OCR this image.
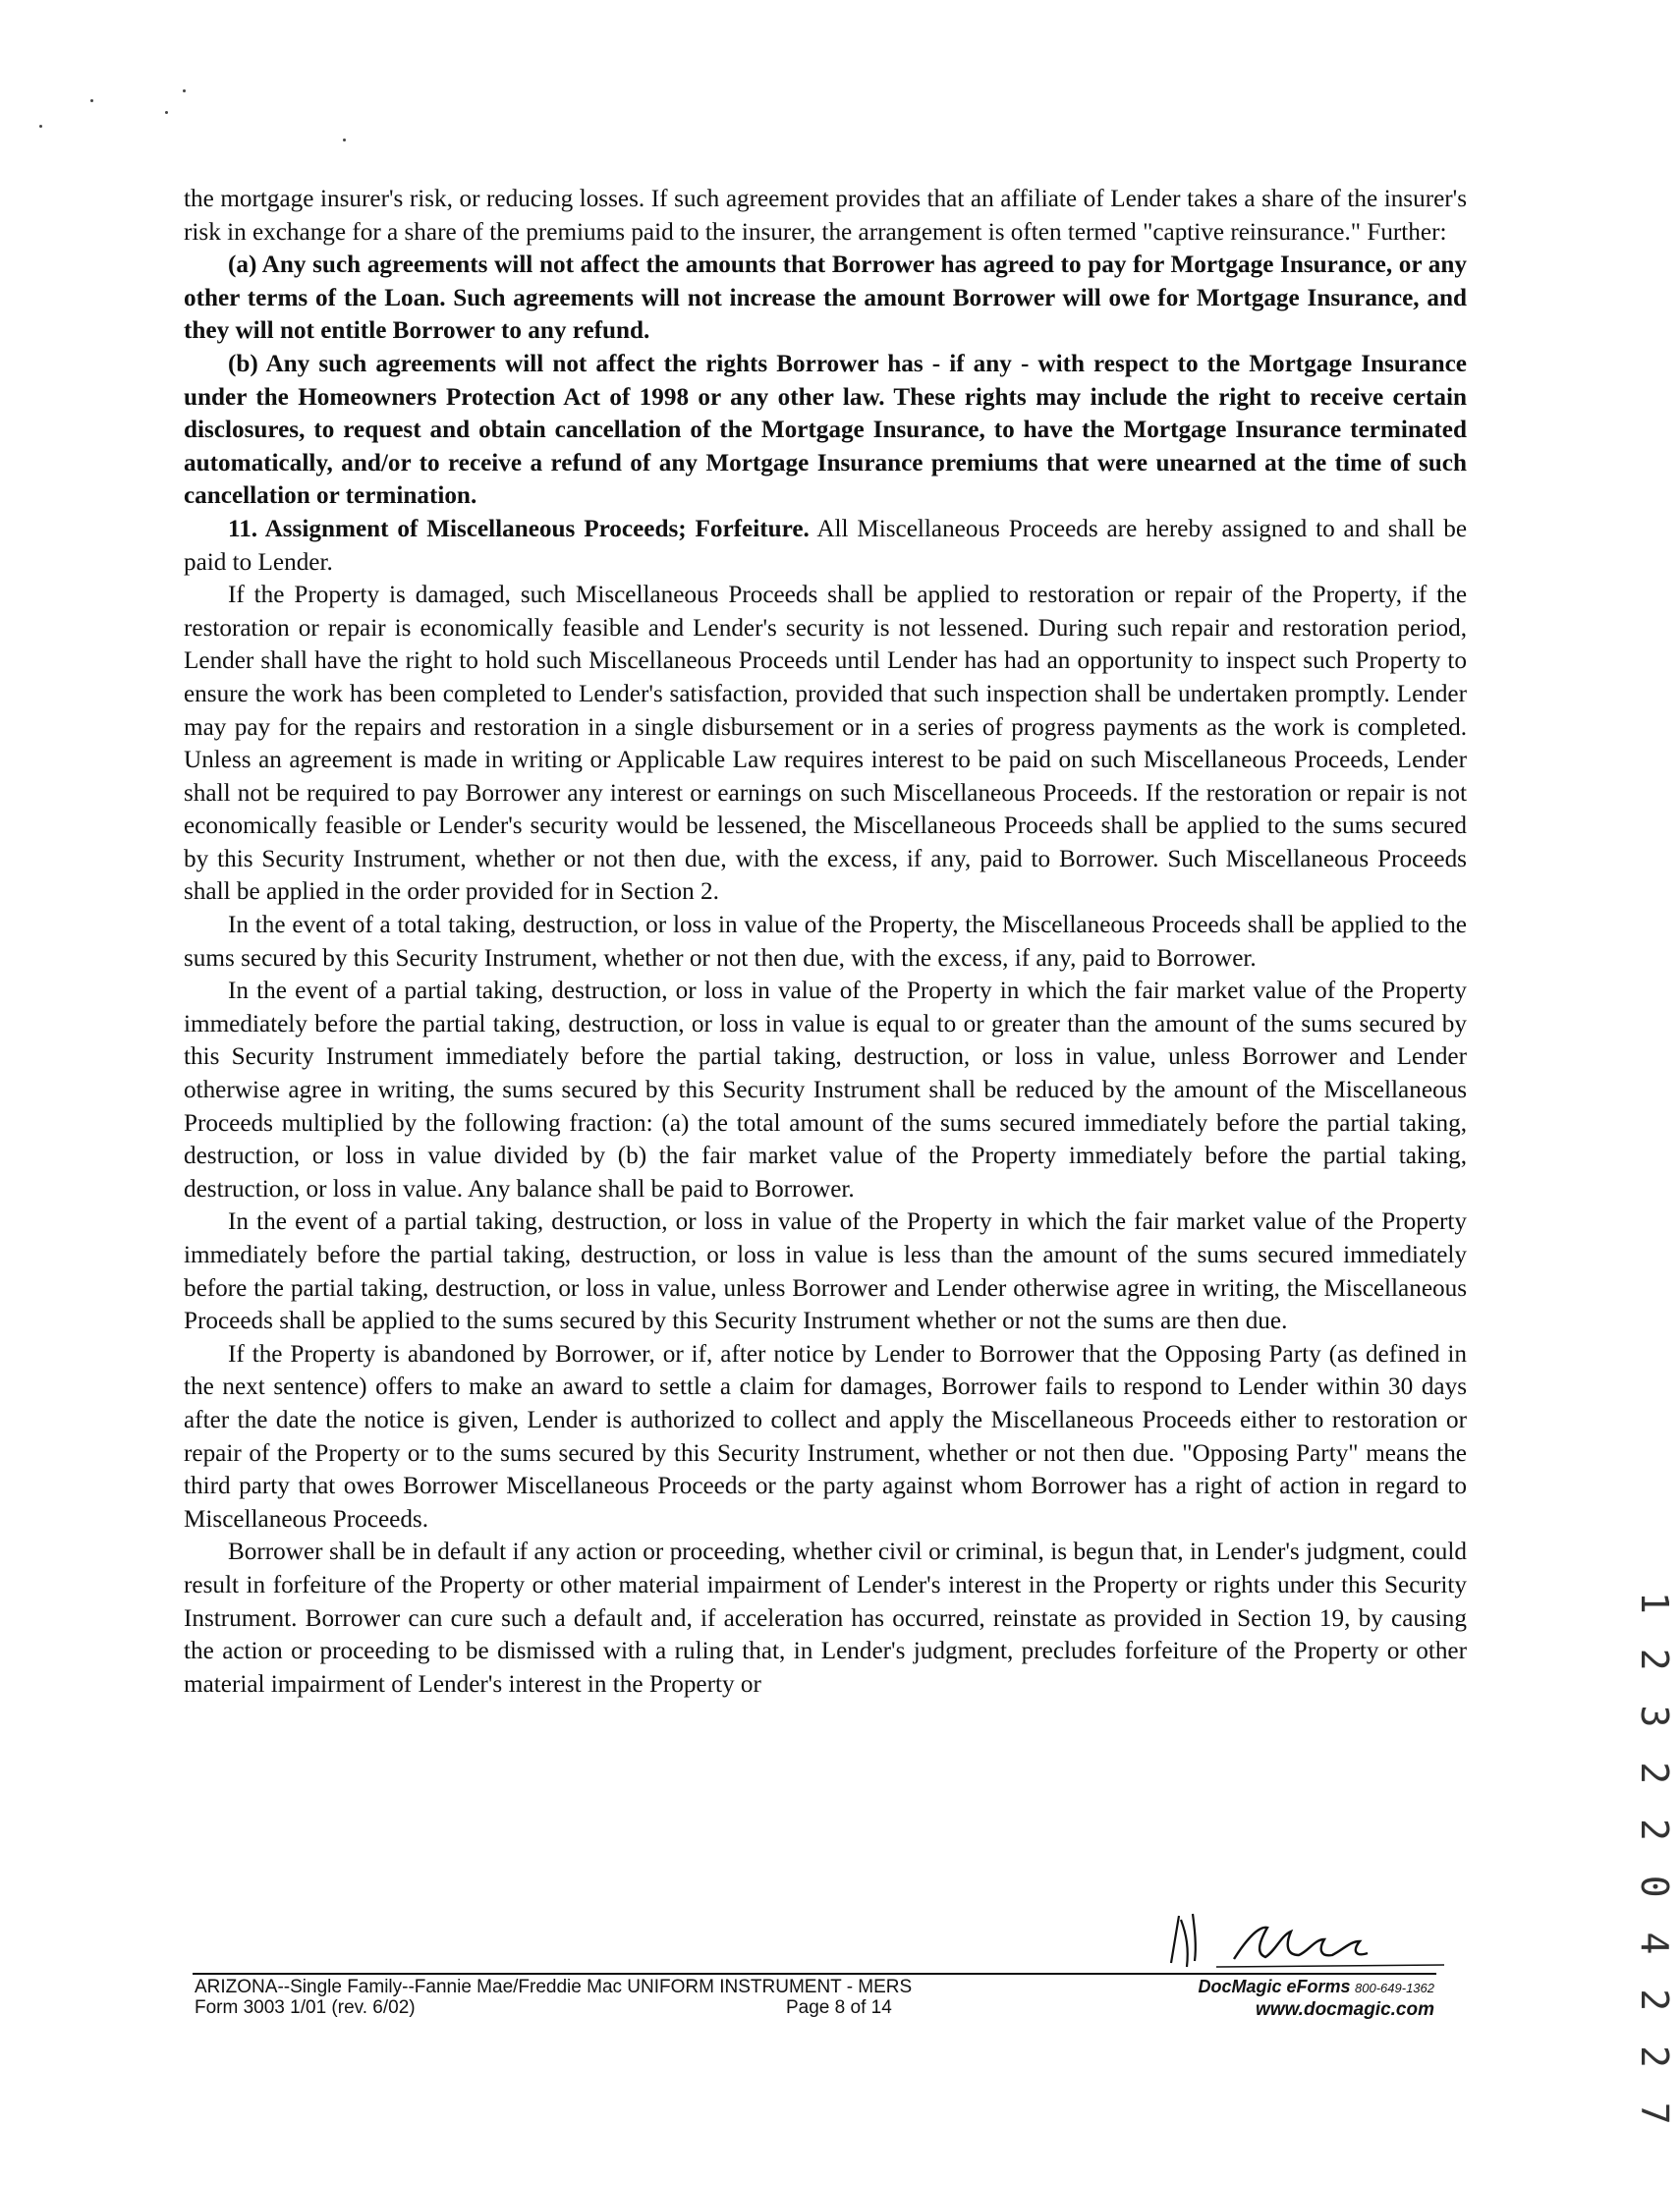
the mortgage insurer's risk, or reducing losses. If such agreement provides that an affiliate of Lender takes a share of the insurer's risk in exchange for a share of the premiums paid to the insurer, the arrangement is often termed "captive reinsurance." Further:

(a) Any such agreements will not affect the amounts that Borrower has agreed to pay for Mortgage Insurance, or any other terms of the Loan. Such agreements will not increase the amount Borrower will owe for Mortgage Insurance, and they will not entitle Borrower to any refund.

(b) Any such agreements will not affect the rights Borrower has - if any - with respect to the Mortgage Insurance under the Homeowners Protection Act of 1998 or any other law. These rights may include the right to receive certain disclosures, to request and obtain cancellation of the Mortgage Insurance, to have the Mortgage Insurance terminated automatically, and/or to receive a refund of any Mortgage Insurance premiums that were unearned at the time of such cancellation or termination.

11. Assignment of Miscellaneous Proceeds; Forfeiture. All Miscellaneous Proceeds are hereby assigned to and shall be paid to Lender.

If the Property is damaged, such Miscellaneous Proceeds shall be applied to restoration or repair of the Property, if the restoration or repair is economically feasible and Lender's security is not lessened. During such repair and restoration period, Lender shall have the right to hold such Miscellaneous Proceeds until Lender has had an opportunity to inspect such Property to ensure the work has been completed to Lender's satisfaction, provided that such inspection shall be undertaken promptly. Lender may pay for the repairs and restoration in a single disbursement or in a series of progress payments as the work is completed. Unless an agreement is made in writing or Applicable Law requires interest to be paid on such Miscellaneous Proceeds, Lender shall not be required to pay Borrower any interest or earnings on such Miscellaneous Proceeds. If the restoration or repair is not economically feasible or Lender's security would be lessened, the Miscellaneous Proceeds shall be applied to the sums secured by this Security Instrument, whether or not then due, with the excess, if any, paid to Borrower. Such Miscellaneous Proceeds shall be applied in the order provided for in Section 2.

In the event of a total taking, destruction, or loss in value of the Property, the Miscellaneous Proceeds shall be applied to the sums secured by this Security Instrument, whether or not then due, with the excess, if any, paid to Borrower.

In the event of a partial taking, destruction, or loss in value of the Property in which the fair market value of the Property immediately before the partial taking, destruction, or loss in value is equal to or greater than the amount of the sums secured by this Security Instrument immediately before the partial taking, destruction, or loss in value, unless Borrower and Lender otherwise agree in writing, the sums secured by this Security Instrument shall be reduced by the amount of the Miscellaneous Proceeds multiplied by the following fraction: (a) the total amount of the sums secured immediately before the partial taking, destruction, or loss in value divided by (b) the fair market value of the Property immediately before the partial taking, destruction, or loss in value. Any balance shall be paid to Borrower.

In the event of a partial taking, destruction, or loss in value of the Property in which the fair market value of the Property immediately before the partial taking, destruction, or loss in value is less than the amount of the sums secured immediately before the partial taking, destruction, or loss in value, unless Borrower and Lender otherwise agree in writing, the Miscellaneous Proceeds shall be applied to the sums secured by this Security Instrument whether or not the sums are then due.

If the Property is abandoned by Borrower, or if, after notice by Lender to Borrower that the Opposing Party (as defined in the next sentence) offers to make an award to settle a claim for damages, Borrower fails to respond to Lender within 30 days after the date the notice is given, Lender is authorized to collect and apply the Miscellaneous Proceeds either to restoration or repair of the Property or to the sums secured by this Security Instrument, whether or not then due. "Opposing Party" means the third party that owes Borrower Miscellaneous Proceeds or the party against whom Borrower has a right of action in regard to Miscellaneous Proceeds.

Borrower shall be in default if any action or proceeding, whether civil or criminal, is begun that, in Lender's judgment, could result in forfeiture of the Property or other material impairment of Lender's interest in the Property or rights under this Security Instrument. Borrower can cure such a default and, if acceleration has occurred, reinstate as provided in Section 19, by causing the action or proceeding to be dismissed with a ruling that, in Lender's judgment, precludes forfeiture of the Property or other material impairment of Lender's interest in the Property or	1 2 3 2 2 0 4 2 2 7
ARIZONA--Single Family--Fannie Mae/Freddie Mac UNIFORM INSTRUMENT - MERS
Form 3003 1/01 (rev. 6/02)	Page 8 of 14
DocMagic eForms 800-649-1362
www.docmagic.com
